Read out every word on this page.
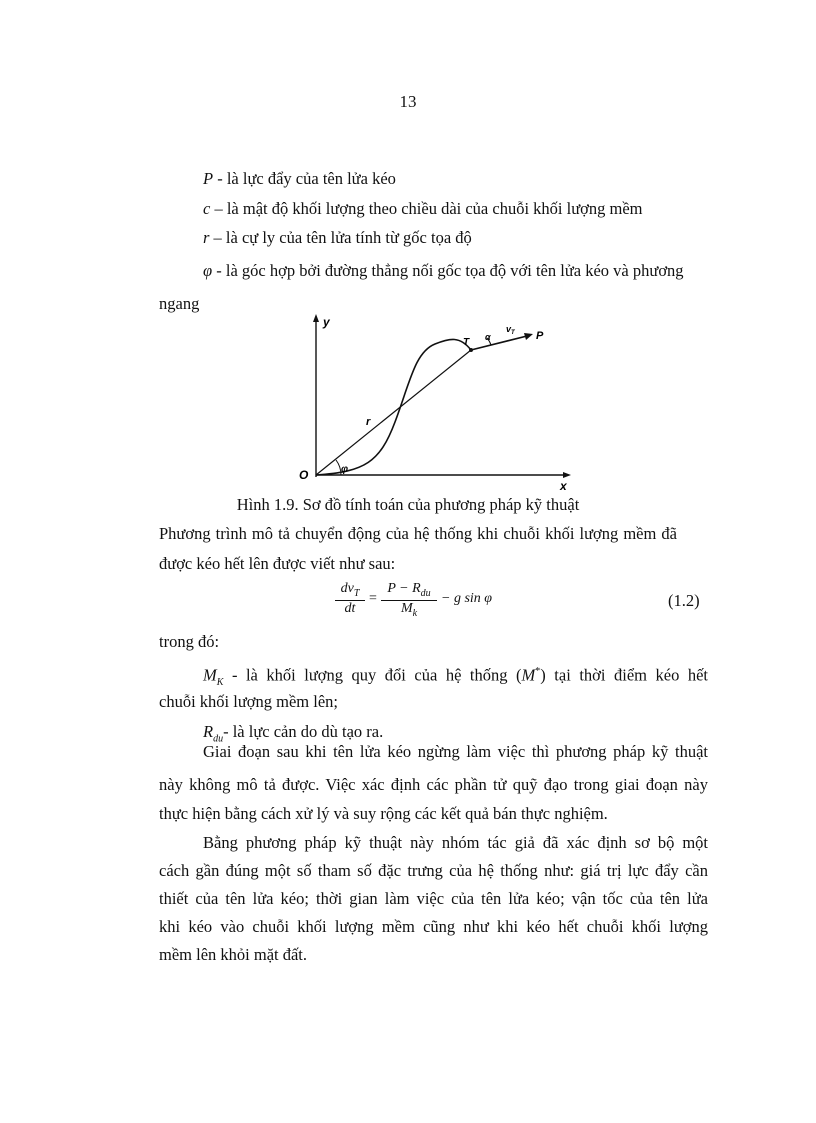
13
P - là lực đẩy của tên lửa kéo
c – là mật độ khối lượng theo chiều dài của chuỗi khối lượng mềm
r – là cự ly của tên lửa tính từ gốc tọa độ
φ - là góc hợp bởi đường thẳng nối gốc tọa độ với tên lửa kéo và phương
ngang
y
x
O
r
φ
T α
$v_T$ P
Hình 1.9. Sơ đồ tính toán của phương pháp kỹ thuật
Phương trình mô tả chuyển động của hệ thống khi chuỗi khối lượng mềm đã
được kéo hết lên được viết như sau:
$dv_T$
dt
=
$P - R_{du}$
$M_k$
− g sin φ	(1.2)
trong đó:
$M_K$ - là khối lượng quy đổi của hệ thống (M*) tại thời điểm kéo hết
chuỗi khối lượng mềm lên;
$R_{du}-$ là lực cản do dù tạo ra.
Giai đoạn sau khi tên lửa kéo ngừng làm việc thì phương pháp kỹ thuật
này không mô tả được. Việc xác định các phần tử quỹ đạo trong giai đoạn này
thực hiện bằng cách xử lý và suy rộng các kết quả bán thực nghiệm.
Bằng phương pháp kỹ thuật này nhóm tác giả đã xác định sơ bộ một
cách gần đúng một số tham số đặc trưng của hệ thống như: giá trị lực đẩy cần
thiết của tên lửa kéo; thời gian làm việc của tên lửa kéo; vận tốc của tên lửa
khi kéo vào chuỗi khối lượng mềm cũng như khi kéo hết chuỗi khối lượng
mềm lên khỏi mặt đất.
